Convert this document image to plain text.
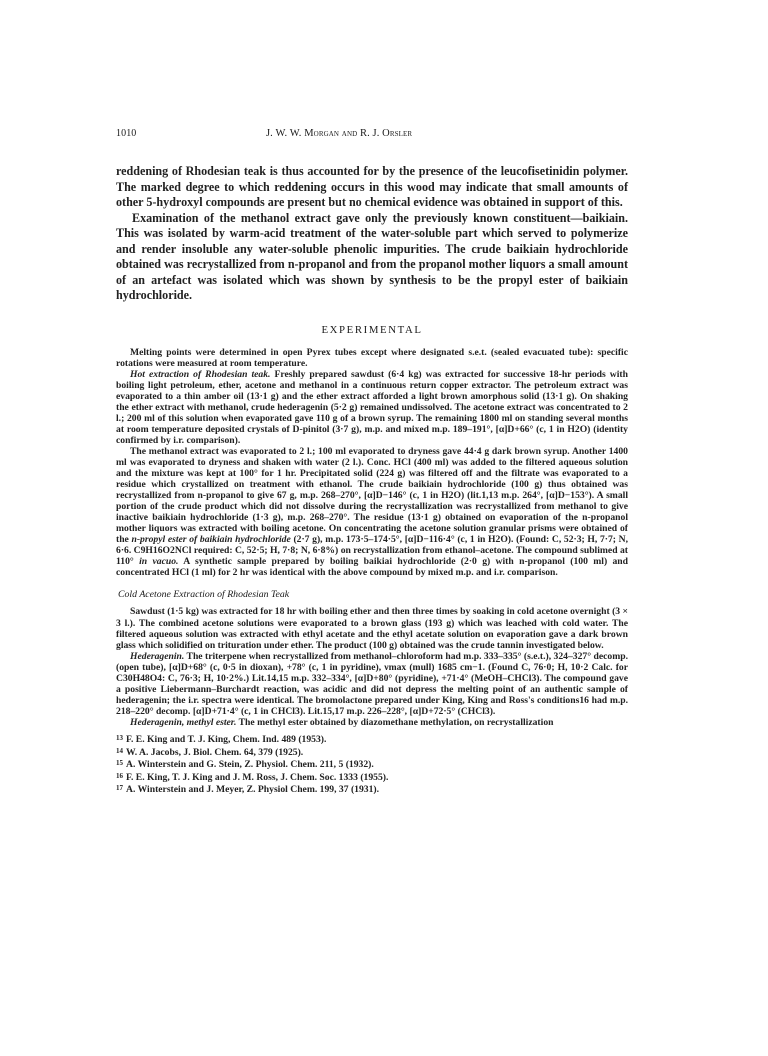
1010	J. W. W. Morgan and R. J. Orsler

reddening of Rhodesian teak is thus accounted for by the presence of the leucofisetinidin polymer. The marked degree to which reddening occurs in this wood may indicate that small amounts of other 5-hydroxyl compounds are present but no chemical evidence was obtained in support of this.

Examination of the methanol extract gave only the previously known constituent—baikiain. This was isolated by warm-acid treatment of the water-soluble part which served to polymerize and render insoluble any water-soluble phenolic impurities. The crude baikiain hydrochloride obtained was recrystallized from n-propanol and from the propanol mother liquors a small amount of an artefact was isolated which was shown by synthesis to be the propyl ester of baikiain hydrochloride.

EXPERIMENTAL

Melting points were determined in open Pyrex tubes except where designated s.e.t. (sealed evacuated tube): specific rotations were measured at room temperature.

Hot extraction of Rhodesian teak. Freshly prepared sawdust (6·4 kg) was extracted for successive 18-hr periods with boiling light petroleum, ether, acetone and methanol in a continuous return copper extractor. The petroleum extract was evaporated to a thin amber oil (13·1 g) and the ether extract afforded a light brown amorphous solid (13·1 g). On shaking the ether extract with methanol, crude hederagenin (5·2 g) remained undissolved. The acetone extract was concentrated to 2 l.; 200 ml of this solution when evaporated gave 110 g of a brown syrup. The remaining 1800 ml on standing several months at room temperature deposited crystals of D-pinitol (3·7 g), m.p. and mixed m.p. 189–191°, [α]D+66° (c, 1 in H2O) (identity confirmed by i.r. comparison).

The methanol extract was evaporated to 2 l.; 100 ml evaporated to dryness gave 44·4 g dark brown syrup. Another 1400 ml was evaporated to dryness and shaken with water (2 l.). Conc. HCl (400 ml) was added to the filtered aqueous solution and the mixture was kept at 100° for 1 hr. Precipitated solid (224 g) was filtered off and the filtrate was evaporated to a residue which crystallized on treatment with ethanol. The crude baikiain hydrochloride (100 g) thus obtained was recrystallized from n-propanol to give 67 g, m.p. 268–270°, [α]D−146° (c, 1 in H2O) (lit.1,13 m.p. 264°, [α]D−153°). A small portion of the crude product which did not dissolve during the recrystallization was recrystallized from methanol to give inactive baikiain hydrochloride (1·3 g), m.p. 268–270°. The residue (13·1 g) obtained on evaporation of the n-propanol mother liquors was extracted with boiling acetone. On concentrating the acetone solution granular prisms were obtained of the n-propyl ester of baikiain hydrochloride (2·7 g), m.p. 173·5–174·5°, [α]D−116·4° (c, 1 in H2O). (Found: C, 52·3; H, 7·7; N, 6·6. C9H16O2NCl required: C, 52·5; H, 7·8; N, 6·8%) on recrystallization from ethanol–acetone. The compound sublimed at 110° in vacuo. A synthetic sample prepared by boiling baikiai hydrochloride (2·0 g) with n-propanol (100 ml) and concentrated HCl (1 ml) for 2 hr was identical with the above compound by mixed m.p. and i.r. comparison.

Cold Acetone Extraction of Rhodesian Teak

Sawdust (1·5 kg) was extracted for 18 hr with boiling ether and then three times by soaking in cold acetone overnight (3 × 3 l.). The combined acetone solutions were evaporated to a brown glass (193 g) which was leached with cold water. The filtered aqueous solution was extracted with ethyl acetate and the ethyl acetate solution on evaporation gave a dark brown glass which solidified on trituration under ether. The product (100 g) obtained was the crude tannin investigated below.

Hederagenin. The triterpene when recrystallized from methanol–chloroform had m.p. 333–335° (s.e.t.), 324–327° decomp. (open tube), [α]D+68° (c, 0·5 in dioxan), +78° (c, 1 in pyridine), νmax (mull) 1685 cm−1. (Found C, 76·0; H, 10·2 Calc. for C30H48O4: C, 76·3; H, 10·2%.) Lit.14,15 m.p. 332–334°, [α]D+80° (pyridine), +71·4° (MeOH–CHCl3). The compound gave a positive Liebermann–Burchardt reaction, was acidic and did not depress the melting point of an authentic sample of hederagenin; the i.r. spectra were identical. The bromolactone prepared under King, King and Ross's conditions16 had m.p. 218–220° decomp. [α]D+71·4° (c, 1 in CHCl3). Lit.15,17 m.p. 226–228°, [α]D+72·5° (CHCl3).

Hederagenin, methyl ester. The methyl ester obtained by diazomethane methylation, on recrystallization

$^{13}$ F. E. King and T. J. King, Chem. Ind. 489 (1953).
$^{14}$ W. A. Jacobs, J. Biol. Chem. 64, 379 (1925).
$^{15}$ A. Winterstein and G. Stein, Z. Physiol. Chem. 211, 5 (1932).
$^{16}$ F. E. King, T. J. King and J. M. Ross, J. Chem. Soc. 1333 (1955).
$^{17}$ A. Winterstein and J. Meyer, Z. Physiol Chem. 199, 37 (1931).
